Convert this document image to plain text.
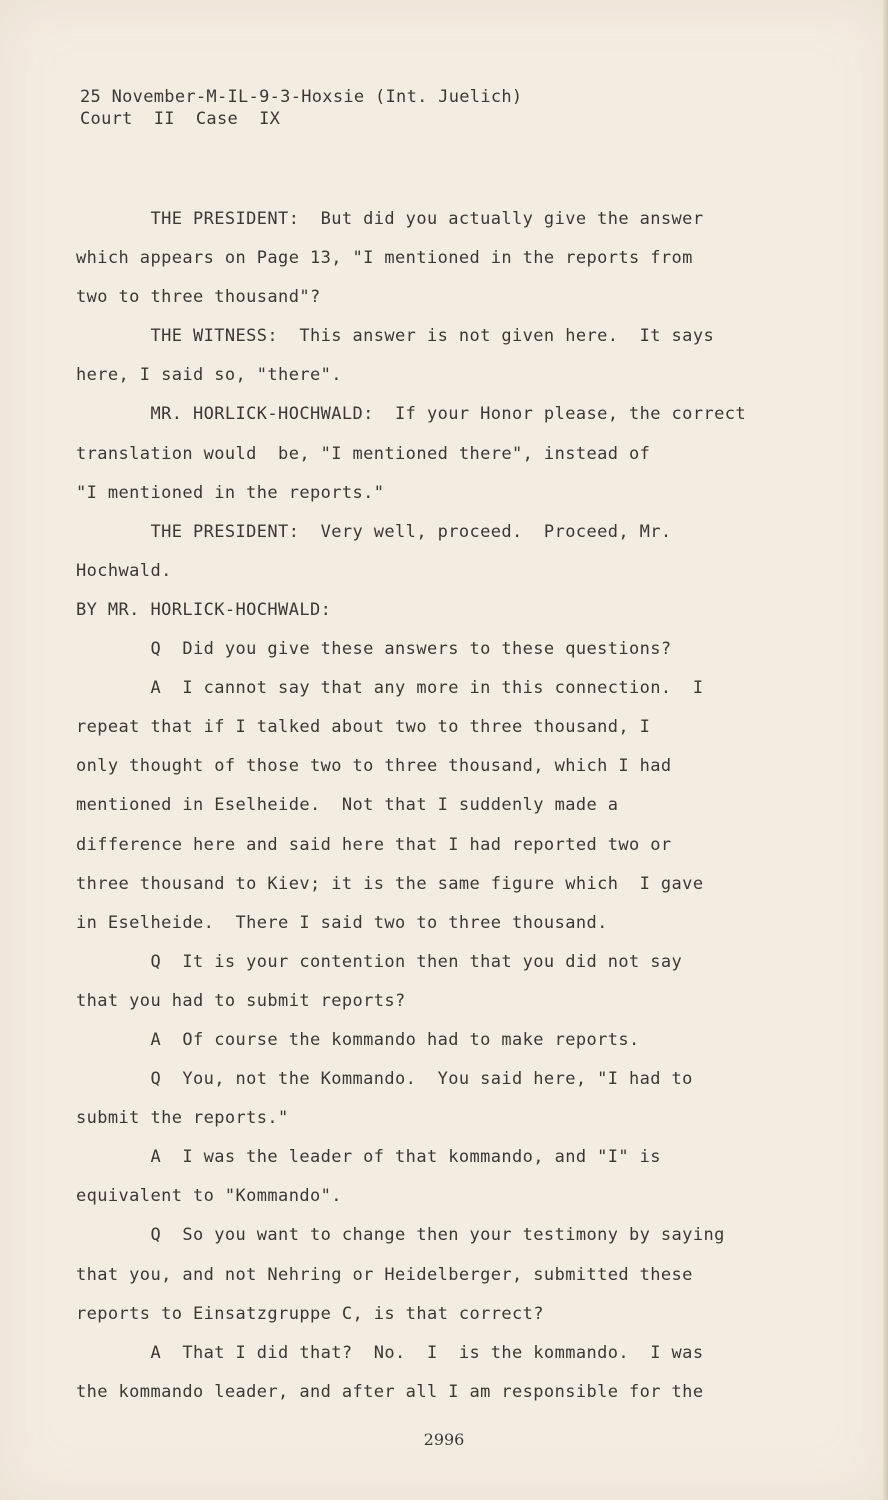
25 November-M-IL-9-3-Hoxsie (Int. Juelich)
Court  II  Case  IX
THE PRESIDENT:  But did you actually give the answer
which appears on Page 13, "I mentioned in the reports from
two to three thousand"?
THE WITNESS:  This answer is not given here.  It says
here, I said so, "there".
MR. HORLICK-HOCHWALD:  If your Honor please, the correct
translation would  be, "I mentioned there", instead of
"I mentioned in the reports."
THE PRESIDENT:  Very well, proceed.  Proceed, Mr.
Hochwald.
BY MR. HORLICK-HOCHWALD:
Q  Did you give these answers to these questions?
A  I cannot say that any more in this connection.  I
repeat that if I talked about two to three thousand, I
only thought of those two to three thousand, which I had
mentioned in Eselheide.  Not that I suddenly made a
difference here and said here that I had reported two or
three thousand to Kiev; it is the same figure which  I gave
in Eselheide.  There I said two to three thousand.
Q  It is your contention then that you did not say
that you had to submit reports?
A  Of course the kommando had to make reports.
Q  You, not the Kommando.  You said here, "I had to
submit the reports."
A  I was the leader of that kommando, and "I" is
equivalent to "Kommando".
Q  So you want to change then your testimony by saying
that you, and not Nehring or Heidelberger, submitted these
reports to Einsatzgruppe C, is that correct?
A  That I did that?  No.  I  is the kommando.  I was
the kommando leader, and after all I am responsible for the
2996
